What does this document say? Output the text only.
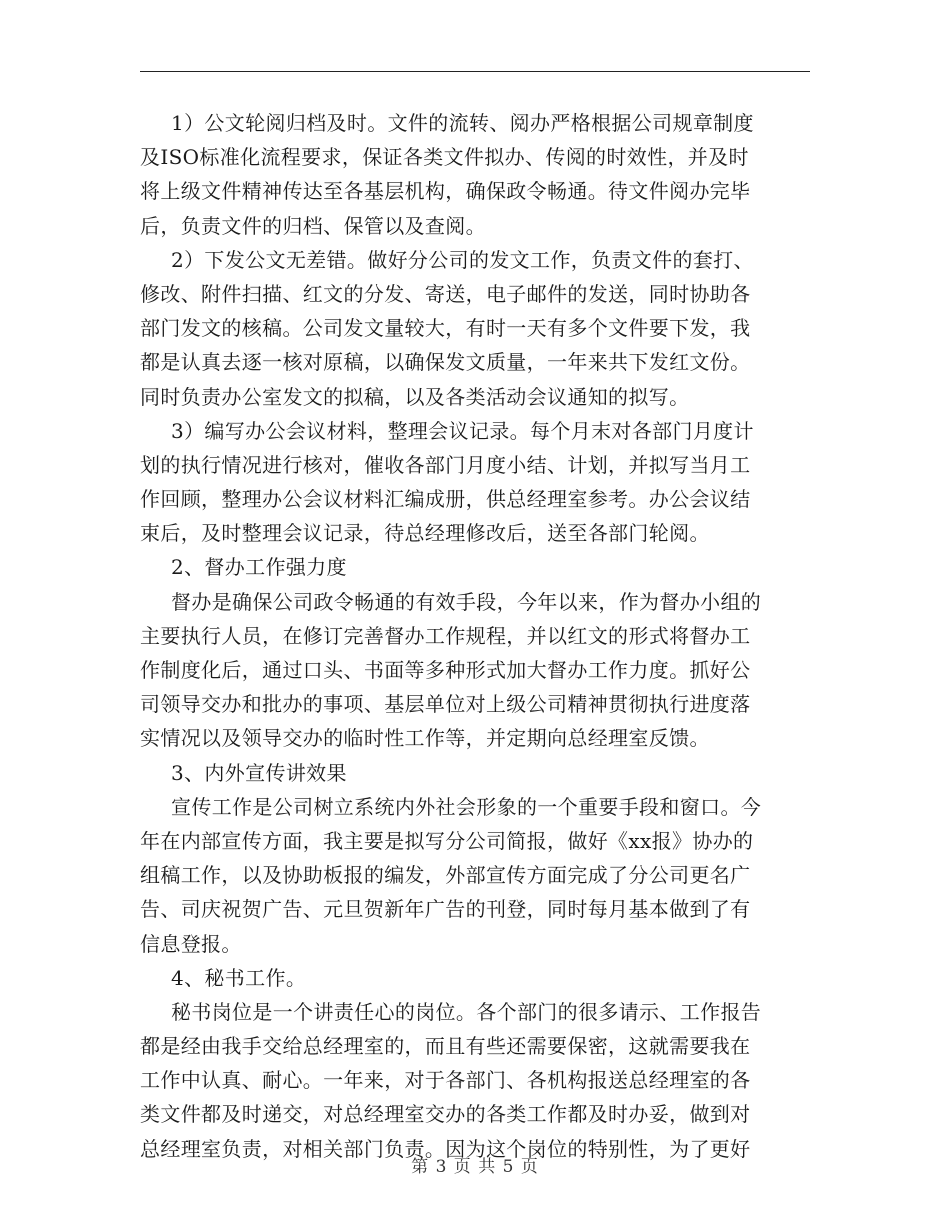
1）公文轮阅归档及时。文件的流转、阅办严格根据公司规章制度
及ISO标准化流程要求，保证各类文件拟办、传阅的时效性，并及时
将上级文件精神传达至各基层机构，确保政令畅通。待文件阅办完毕
后，负责文件的归档、保管以及查阅。
2）下发公文无差错。做好分公司的发文工作，负责文件的套打、
修改、附件扫描、红文的分发、寄送，电子邮件的发送，同时协助各
部门发文的核稿。公司发文量较大，有时一天有多个文件要下发，我
都是认真去逐一核对原稿，以确保发文质量，一年来共下发红文份。
同时负责办公室发文的拟稿，以及各类活动会议通知的拟写。
3）编写办公会议材料，整理会议记录。每个月末对各部门月度计
划的执行情况进行核对，催收各部门月度小结、计划，并拟写当月工
作回顾，整理办公会议材料汇编成册，供总经理室参考。办公会议结
束后，及时整理会议记录，待总经理修改后，送至各部门轮阅。
2、督办工作强力度
督办是确保公司政令畅通的有效手段，今年以来，作为督办小组的
主要执行人员，在修订完善督办工作规程，并以红文的形式将督办工
作制度化后，通过口头、书面等多种形式加大督办工作力度。抓好公
司领导交办和批办的事项、基层单位对上级公司精神贯彻执行进度落
实情况以及领导交办的临时性工作等，并定期向总经理室反馈。
3、内外宣传讲效果
宣传工作是公司树立系统内外社会形象的一个重要手段和窗口。今
年在内部宣传方面，我主要是拟写分公司简报，做好《xx报》协办的
组稿工作，以及协助板报的编发，外部宣传方面完成了分公司更名广
告、司庆祝贺广告、元旦贺新年广告的刊登，同时每月基本做到了有
信息登报。
4、秘书工作。
秘书岗位是一个讲责任心的岗位。各个部门的很多请示、工作报告
都是经由我手交给总经理室的，而且有些还需要保密，这就需要我在
工作中认真、耐心。一年来，对于各部门、各机构报送总经理室的各
类文件都及时递交，对总经理室交办的各类工作都及时办妥，做到对
总经理室负责，对相关部门负责。因为这个岗位的特别性，为了更好
第 3 页 共 5 页
